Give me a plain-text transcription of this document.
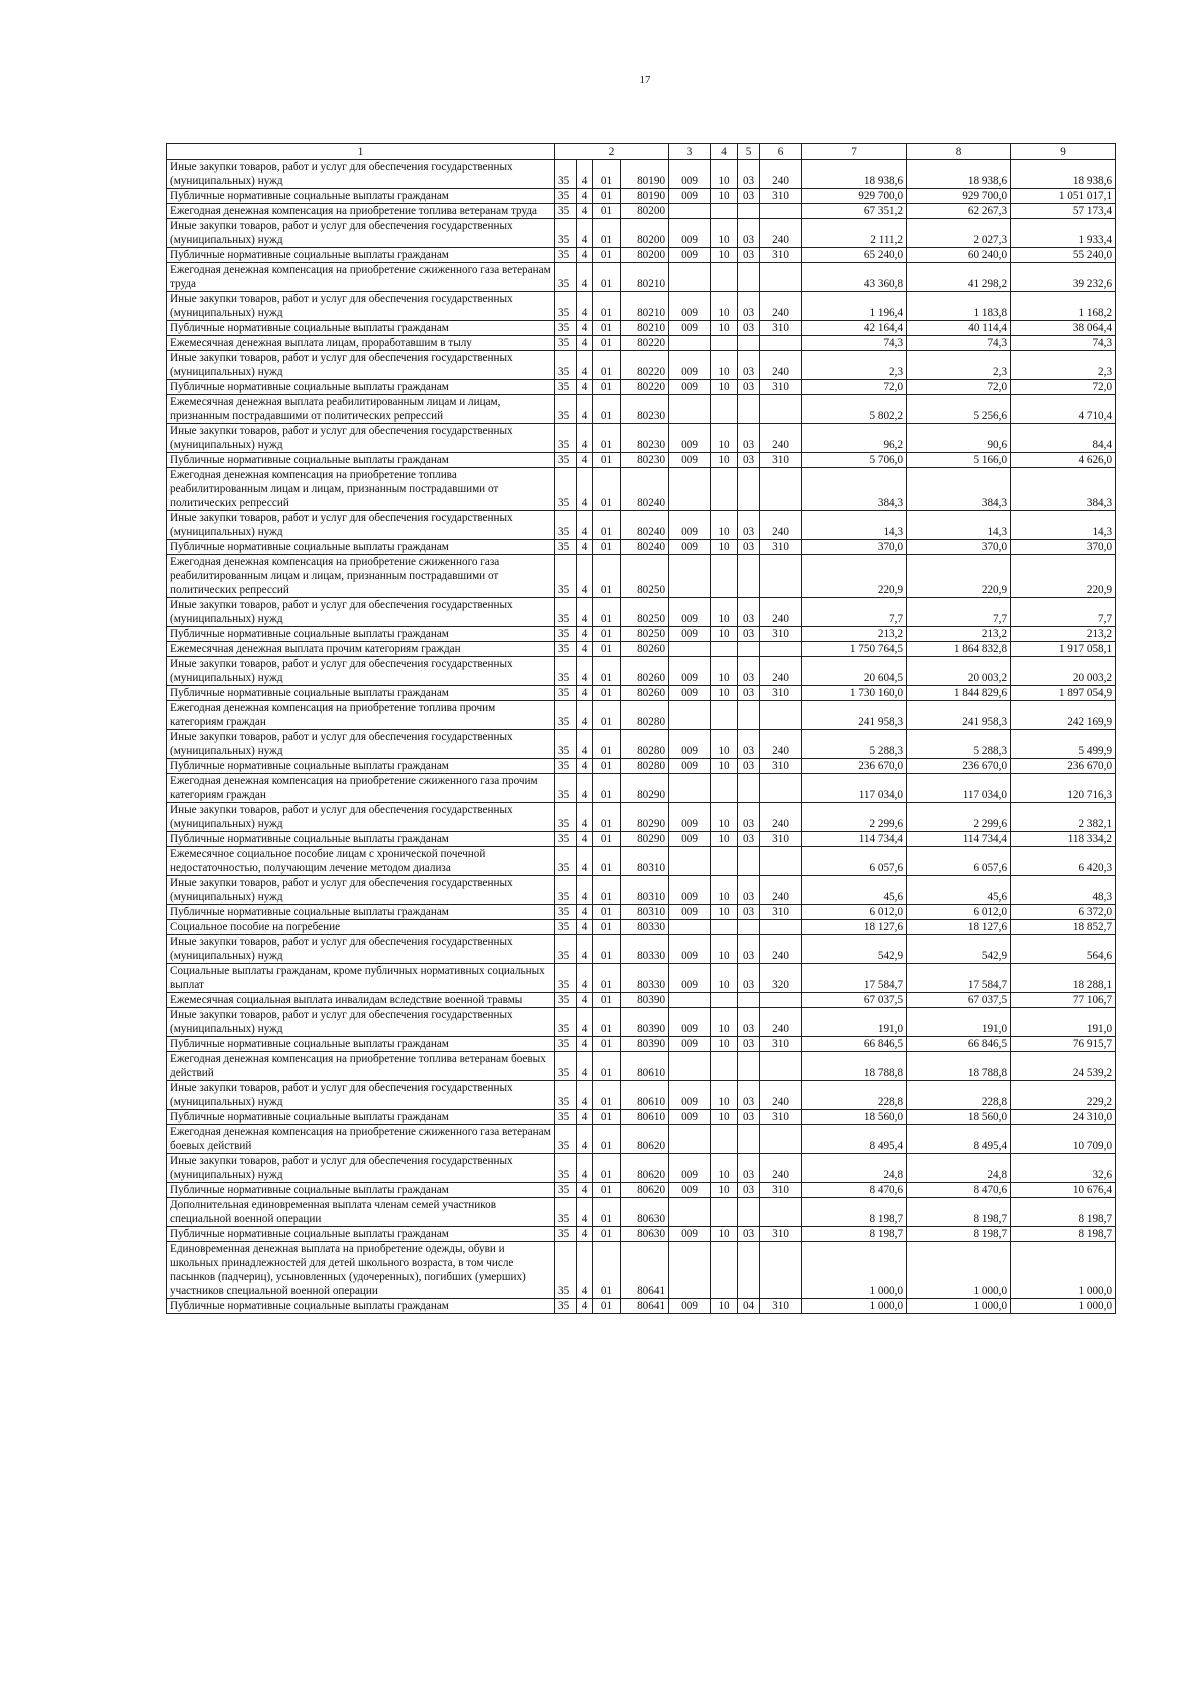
17
1	2				3	4	5	6	7	8	9
Иные закупки товаров, работ и услуг для обеспечения государственных (муниципальных) нужд	35	4	01	80190	009	10	03	240	18 938,6	18 938,6	18 938,6
Публичные нормативные социальные выплаты гражданам	35	4	01	80190	009	10	03	310	929 700,0	929 700,0	1 051 017,1
Ежегодная денежная компенсация на приобретение топлива ветеранам труда	35	4	01	80200					67 351,2	62 267,3	57 173,4
Иные закупки товаров, работ и услуг для обеспечения государственных (муниципальных) нужд	35	4	01	80200	009	10	03	240	2 111,2	2 027,3	1 933,4
Публичные нормативные социальные выплаты гражданам	35	4	01	80200	009	10	03	310	65 240,0	60 240,0	55 240,0
Ежегодная денежная компенсация на приобретение сжиженного газа ветеранам труда	35	4	01	80210					43 360,8	41 298,2	39 232,6
Иные закупки товаров, работ и услуг для обеспечения государственных (муниципальных) нужд	35	4	01	80210	009	10	03	240	1 196,4	1 183,8	1 168,2
Публичные нормативные социальные выплаты гражданам	35	4	01	80210	009	10	03	310	42 164,4	40 114,4	38 064,4
Ежемесячная денежная выплата лицам, проработавшим в тылу	35	4	01	80220					74,3	74,3	74,3
Иные закупки товаров, работ и услуг для обеспечения государственных (муниципальных) нужд	35	4	01	80220	009	10	03	240	2,3	2,3	2,3
Публичные нормативные социальные выплаты гражданам	35	4	01	80220	009	10	03	310	72,0	72,0	72,0
Ежемесячная денежная выплата реабилитированным лицам и лицам, признанным пострадавшими от политических репрессий	35	4	01	80230					5 802,2	5 256,6	4 710,4
Иные закупки товаров, работ и услуг для обеспечения государственных (муниципальных) нужд	35	4	01	80230	009	10	03	240	96,2	90,6	84,4
Публичные нормативные социальные выплаты гражданам	35	4	01	80230	009	10	03	310	5 706,0	5 166,0	4 626,0
Ежегодная денежная компенсация на приобретение топлива реабилитированным лицам и лицам, признанным пострадавшими от политических репрессий	35	4	01	80240					384,3	384,3	384,3
Иные закупки товаров, работ и услуг для обеспечения государственных (муниципальных) нужд	35	4	01	80240	009	10	03	240	14,3	14,3	14,3
Публичные нормативные социальные выплаты гражданам	35	4	01	80240	009	10	03	310	370,0	370,0	370,0
Ежегодная денежная компенсация на приобретение сжиженного газа реабилитированным лицам и лицам, признанным пострадавшими от политических репрессий	35	4	01	80250					220,9	220,9	220,9
Иные закупки товаров, работ и услуг для обеспечения государственных (муниципальных) нужд	35	4	01	80250	009	10	03	240	7,7	7,7	7,7
Публичные нормативные социальные выплаты гражданам	35	4	01	80250	009	10	03	310	213,2	213,2	213,2
Ежемесячная денежная выплата прочим категориям граждан	35	4	01	80260					1 750 764,5	1 864 832,8	1 917 058,1
Иные закупки товаров, работ и услуг для обеспечения государственных (муниципальных) нужд	35	4	01	80260	009	10	03	240	20 604,5	20 003,2	20 003,2
Публичные нормативные социальные выплаты гражданам	35	4	01	80260	009	10	03	310	1 730 160,0	1 844 829,6	1 897 054,9
Ежегодная денежная компенсация на приобретение топлива прочим категориям граждан	35	4	01	80280					241 958,3	241 958,3	242 169,9
Иные закупки товаров, работ и услуг для обеспечения государственных (муниципальных) нужд	35	4	01	80280	009	10	03	240	5 288,3	5 288,3	5 499,9
Публичные нормативные социальные выплаты гражданам	35	4	01	80280	009	10	03	310	236 670,0	236 670,0	236 670,0
Ежегодная денежная компенсация на приобретение сжиженного газа прочим категориям граждан	35	4	01	80290					117 034,0	117 034,0	120 716,3
Иные закупки товаров, работ и услуг для обеспечения государственных (муниципальных) нужд	35	4	01	80290	009	10	03	240	2 299,6	2 299,6	2 382,1
Публичные нормативные социальные выплаты гражданам	35	4	01	80290	009	10	03	310	114 734,4	114 734,4	118 334,2
Ежемесячное социальное пособие лицам с хронической почечной недостаточностью, получающим лечение методом диализа	35	4	01	80310					6 057,6	6 057,6	6 420,3
Иные закупки товаров, работ и услуг для обеспечения государственных (муниципальных) нужд	35	4	01	80310	009	10	03	240	45,6	45,6	48,3
Публичные нормативные социальные выплаты гражданам	35	4	01	80310	009	10	03	310	6 012,0	6 012,0	6 372,0
Социальное пособие на погребение	35	4	01	80330					18 127,6	18 127,6	18 852,7
Иные закупки товаров, работ и услуг для обеспечения государственных (муниципальных) нужд	35	4	01	80330	009	10	03	240	542,9	542,9	564,6
Социальные выплаты гражданам, кроме публичных нормативных социальных выплат	35	4	01	80330	009	10	03	320	17 584,7	17 584,7	18 288,1
Ежемесячная социальная выплата инвалидам вследствие военной травмы	35	4	01	80390					67 037,5	67 037,5	77 106,7
Иные закупки товаров, работ и услуг для обеспечения государственных (муниципальных) нужд	35	4	01	80390	009	10	03	240	191,0	191,0	191,0
Публичные нормативные социальные выплаты гражданам	35	4	01	80390	009	10	03	310	66 846,5	66 846,5	76 915,7
Ежегодная денежная компенсация на приобретение топлива ветеранам боевых действий	35	4	01	80610					18 788,8	18 788,8	24 539,2
Иные закупки товаров, работ и услуг для обеспечения государственных (муниципальных) нужд	35	4	01	80610	009	10	03	240	228,8	228,8	229,2
Публичные нормативные социальные выплаты гражданам	35	4	01	80610	009	10	03	310	18 560,0	18 560,0	24 310,0
Ежегодная денежная компенсация на приобретение сжиженного газа ветеранам боевых действий	35	4	01	80620					8 495,4	8 495,4	10 709,0
Иные закупки товаров, работ и услуг для обеспечения государственных (муниципальных) нужд	35	4	01	80620	009	10	03	240	24,8	24,8	32,6
Публичные нормативные социальные выплаты гражданам	35	4	01	80620	009	10	03	310	8 470,6	8 470,6	10 676,4
Дополнительная единовременная выплата членам семей участников специальной военной операции	35	4	01	80630					8 198,7	8 198,7	8 198,7
Публичные нормативные социальные выплаты гражданам	35	4	01	80630	009	10	03	310	8 198,7	8 198,7	8 198,7
Единовременная денежная выплата на приобретение одежды, обуви и школьных принадлежностей для детей школьного возраста, в том числе пасынков (падчериц), усыновленных (удочеренных), погибших (умерших) участников специальной военной операции	35	4	01	80641					1 000,0	1 000,0	1 000,0
Публичные нормативные социальные выплаты гражданам	35	4	01	80641	009	10	04	310	1 000,0	1 000,0	1 000,0
